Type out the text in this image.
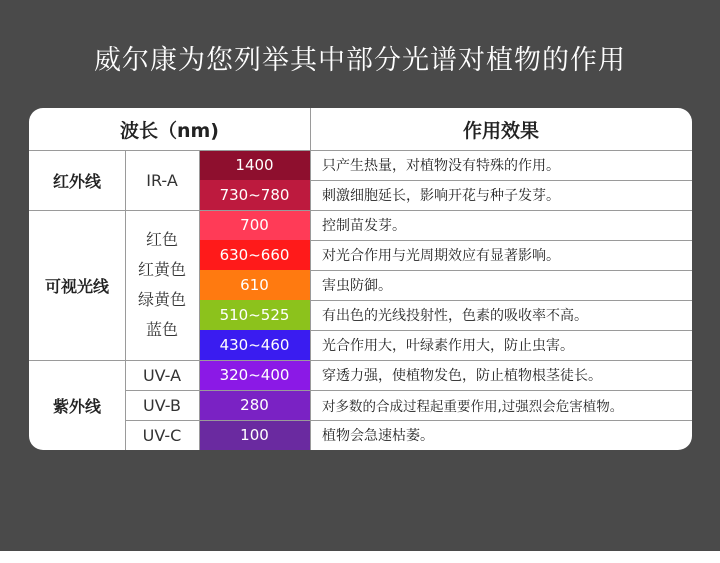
威尔康为您列举其中部分光谱对植物的作用
波长（nm)	作用效果
红外线
可视光线
紫外线
IR-A
红色
红黄色
绿黄色
蓝色
UV-A
UV-B
UV-C
1400
730~780
700
630~660
610
510~525
430~460
320~400
280
100
只产生热量，对植物没有特殊的作用。
刺激细胞延长，影响开花与种子发芽。
控制苗发芽。
对光合作用与光周期效应有显著影响。
害虫防御。
有出色的光线投射性，色素的吸收率不高。
光合作用大，叶绿素作用大，防止虫害。
穿透力强，使植物发色，防止植物根茎徒长。
对多数的合成过程起重要作用,过强烈会危害植物。
植物会急速枯萎。
